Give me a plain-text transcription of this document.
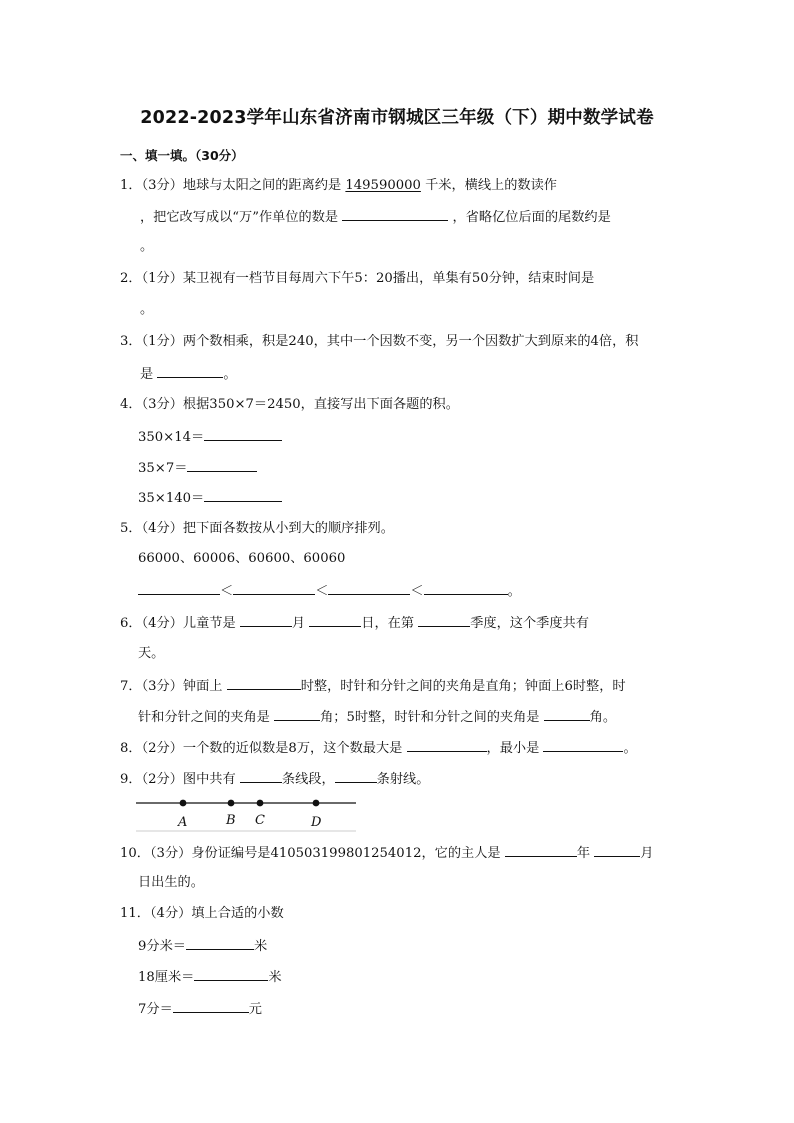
2022-2023学年山东省济南市钢城区三年级（下）期中数学试卷
一、填一填。（30分）
1．（3分）地球与太阳之间的距离约是 149590000 千米，横线上的数读作
，把它改写成以“万”作单位的数是	，省略亿位后面的尾数约是
。
2．（1分）某卫视有一档节目每周六下午5：20播出，单集有50分钟，结束时间是
。
3．（1分）两个数相乘，积是240，其中一个因数不变，另一个因数扩大到原来的4倍，积
是	。
4．（3分）根据350×7＝2450，直接写出下面各题的积。
350×14＝
35×7＝
35×140＝
5．（4分）把下面各数按从小到大的顺序排列。
66000、60006、60600、60060
＜	＜	＜	。
6．（4分）儿童节是	月	日，在第	季度，这个季度共有
天。
7．（3分）钟面上	时整，时针和分针之间的夹角是直角；钟面上6时整，时
针和分针之间的夹角是	角；5时整，时针和分针之间的夹角是	角。
8．（2分）一个数的近似数是8万，这个数最大是	，最小是	。
9．（2分）图中共有	条线段，	条射线。
A	B C	D
10．（3分）身份证编号是410503199801254012，它的主人是	年	月
日出生的。
11．（4分）填上合适的小数
9分米＝	米
18厘米＝	米
7分＝	元
